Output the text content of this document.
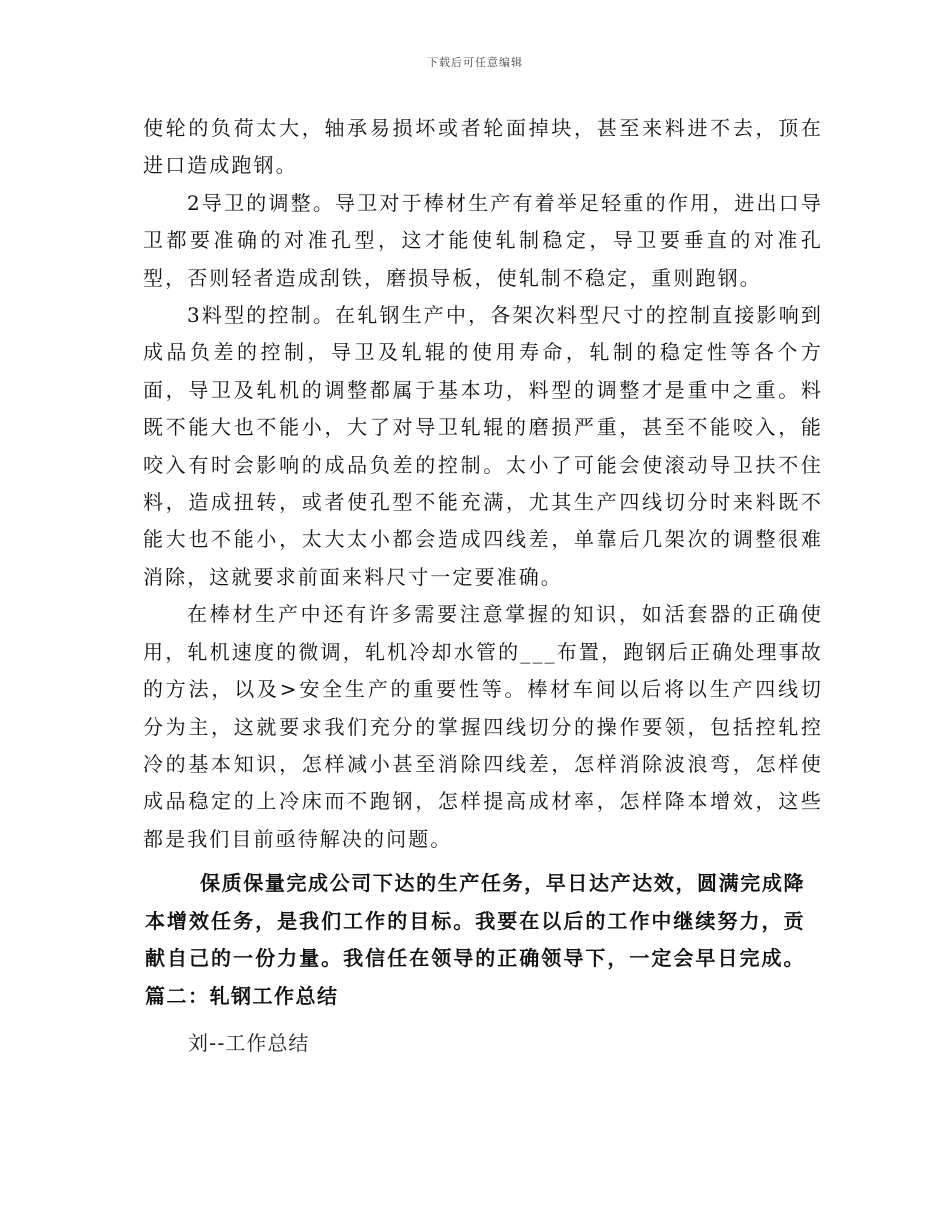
下载后可任意编辑

使轮的负荷太大，轴承易损坏或者轮面掉块，甚至来料进不去，顶在进口造成跑钢。

2导卫的调整。导卫对于棒材生产有着举足轻重的作用，进出口导卫都要准确的对准孔型，这才能使轧制稳定，导卫要垂直的对准孔型，否则轻者造成刮铁，磨损导板，使轧制不稳定，重则跑钢。

3料型的控制。在轧钢生产中，各架次料型尺寸的控制直接影响到成品负差的控制，导卫及轧辊的使用寿命，轧制的稳定性等各个方面，导卫及轧机的调整都属于基本功，料型的调整才是重中之重。料既不能大也不能小，大了对导卫轧辊的磨损严重，甚至不能咬入，能咬入有时会影响的成品负差的控制。太小了可能会使滚动导卫扶不住料，造成扭转，或者使孔型不能充满，尤其生产四线切分时来料既不能大也不能小，太大太小都会造成四线差，单靠后几架次的调整很难消除，这就要求前面来料尺寸一定要准确。

在棒材生产中还有许多需要注意掌握的知识，如活套器的正确使用，轧机速度的微调，轧机冷却水管的___布置，跑钢后正确处理事故的方法，以及>安全生产的重要性等。棒材车间以后将以生产四线切分为主，这就要求我们充分的掌握四线切分的操作要领，包括控轧控冷的基本知识，怎样减小甚至消除四线差，怎样消除波浪弯，怎样使成品稳定的上冷床而不跑钢，怎样提高成材率，怎样降本增效，这些都是我们目前亟待解决的问题。

保质保量完成公司下达的生产任务，早日达产达效，圆满完成降本增效任务，是我们工作的目标。我要在以后的工作中继续努力，贡献自己的一份力量。我信任在领导的正确领导下，一定会早日完成。篇二：轧钢工作总结

刘--工作总结
